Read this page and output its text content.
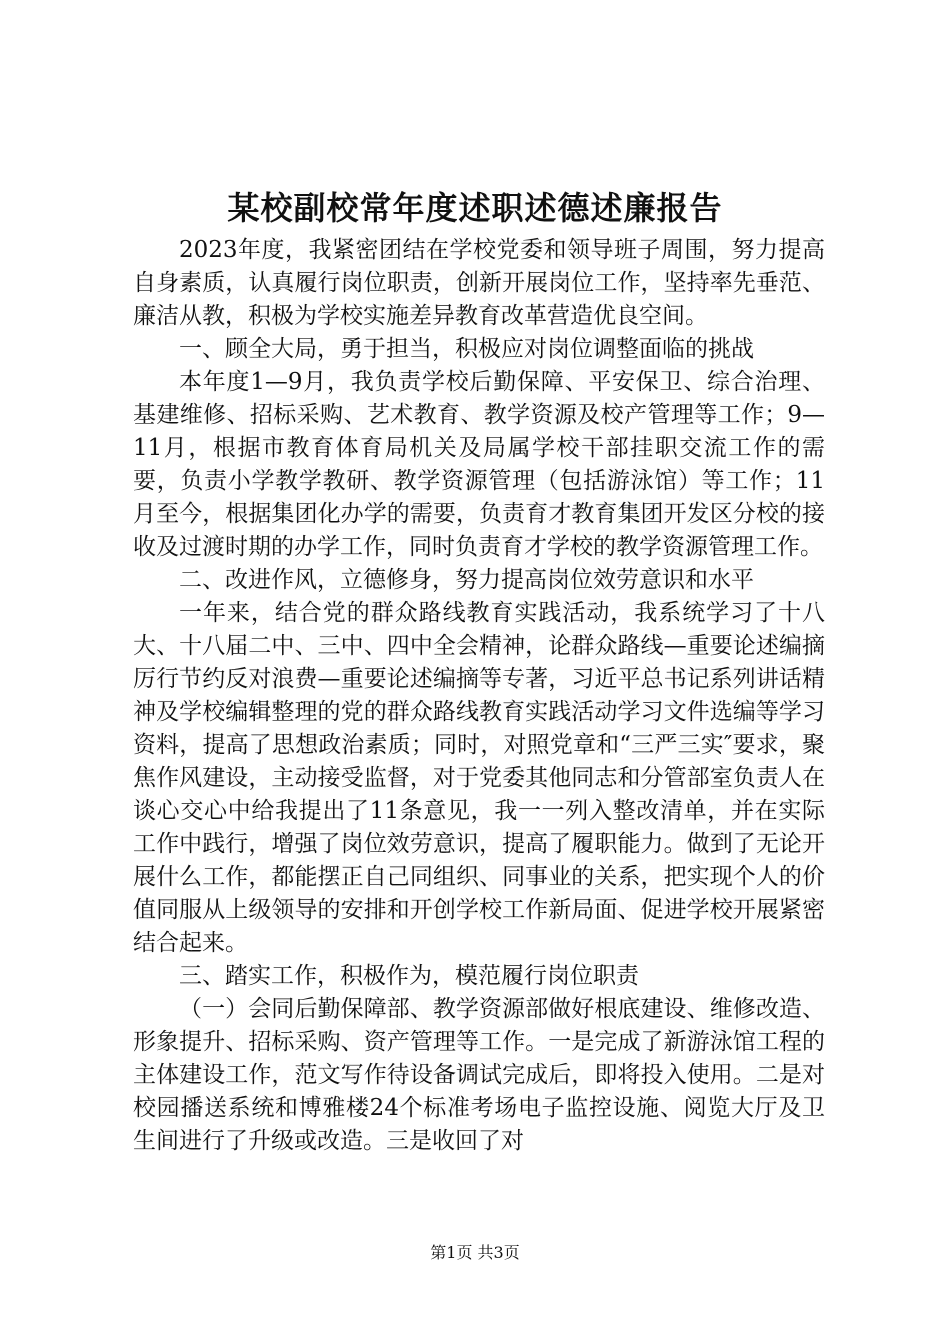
某校副校常年度述职述德述廉报告

2023年度，我紧密团结在学校党委和领导班子周围，努力提高自身素质，认真履行岗位职责，创新开展岗位工作，坚持率先垂范、廉洁从教，积极为学校实施差异教育改革营造优良空间。

一、顾全大局，勇于担当，积极应对岗位调整面临的挑战

本年度1—9月，我负责学校后勤保障、平安保卫、综合治理、基建维修、招标采购、艺术教育、教学资源及校产管理等工作；9—11月，根据市教育体育局机关及局属学校干部挂职交流工作的需要，负责小学教学教研、教学资源管理（包括游泳馆）等工作；11月至今，根据集团化办学的需要，负责育才教育集团开发区分校的接收及过渡时期的办学工作，同时负责育才学校的教学资源管理工作。

二、改进作风，立德修身，努力提高岗位效劳意识和水平

一年来，结合党的群众路线教育实践活动，我系统学习了十八大、十八届二中、三中、四中全会精神，论群众路线—重要论述编摘厉行节约反对浪费—重要论述编摘等专著，习近平总书记系列讲话精神及学校编辑整理的党的群众路线教育实践活动学习文件选编等学习资料，提高了思想政治素质；同时，对照党章和“三严三实″要求，聚焦作风建设，主动接受监督，对于党委其他同志和分管部室负责人在谈心交心中给我提出了11条意见，我一一列入整改清单，并在实际工作中践行，增强了岗位效劳意识，提高了履职能力。做到了无论开展什么工作，都能摆正自己同组织、同事业的关系，把实现个人的价值同服从上级领导的安排和开创学校工作新局面、促进学校开展紧密结合起来。

三、踏实工作，积极作为，模范履行岗位职责

（一）会同后勤保障部、教学资源部做好根底建设、维修改造、形象提升、招标采购、资产管理等工作。一是完成了新游泳馆工程的主体建设工作，范文写作待设备调试完成后，即将投入使用。二是对校园播送系统和博雅楼24个标准考场电子监控设施、阅览大厅及卫生间进行了升级或改造。三是收回了对

第1页 共3页
